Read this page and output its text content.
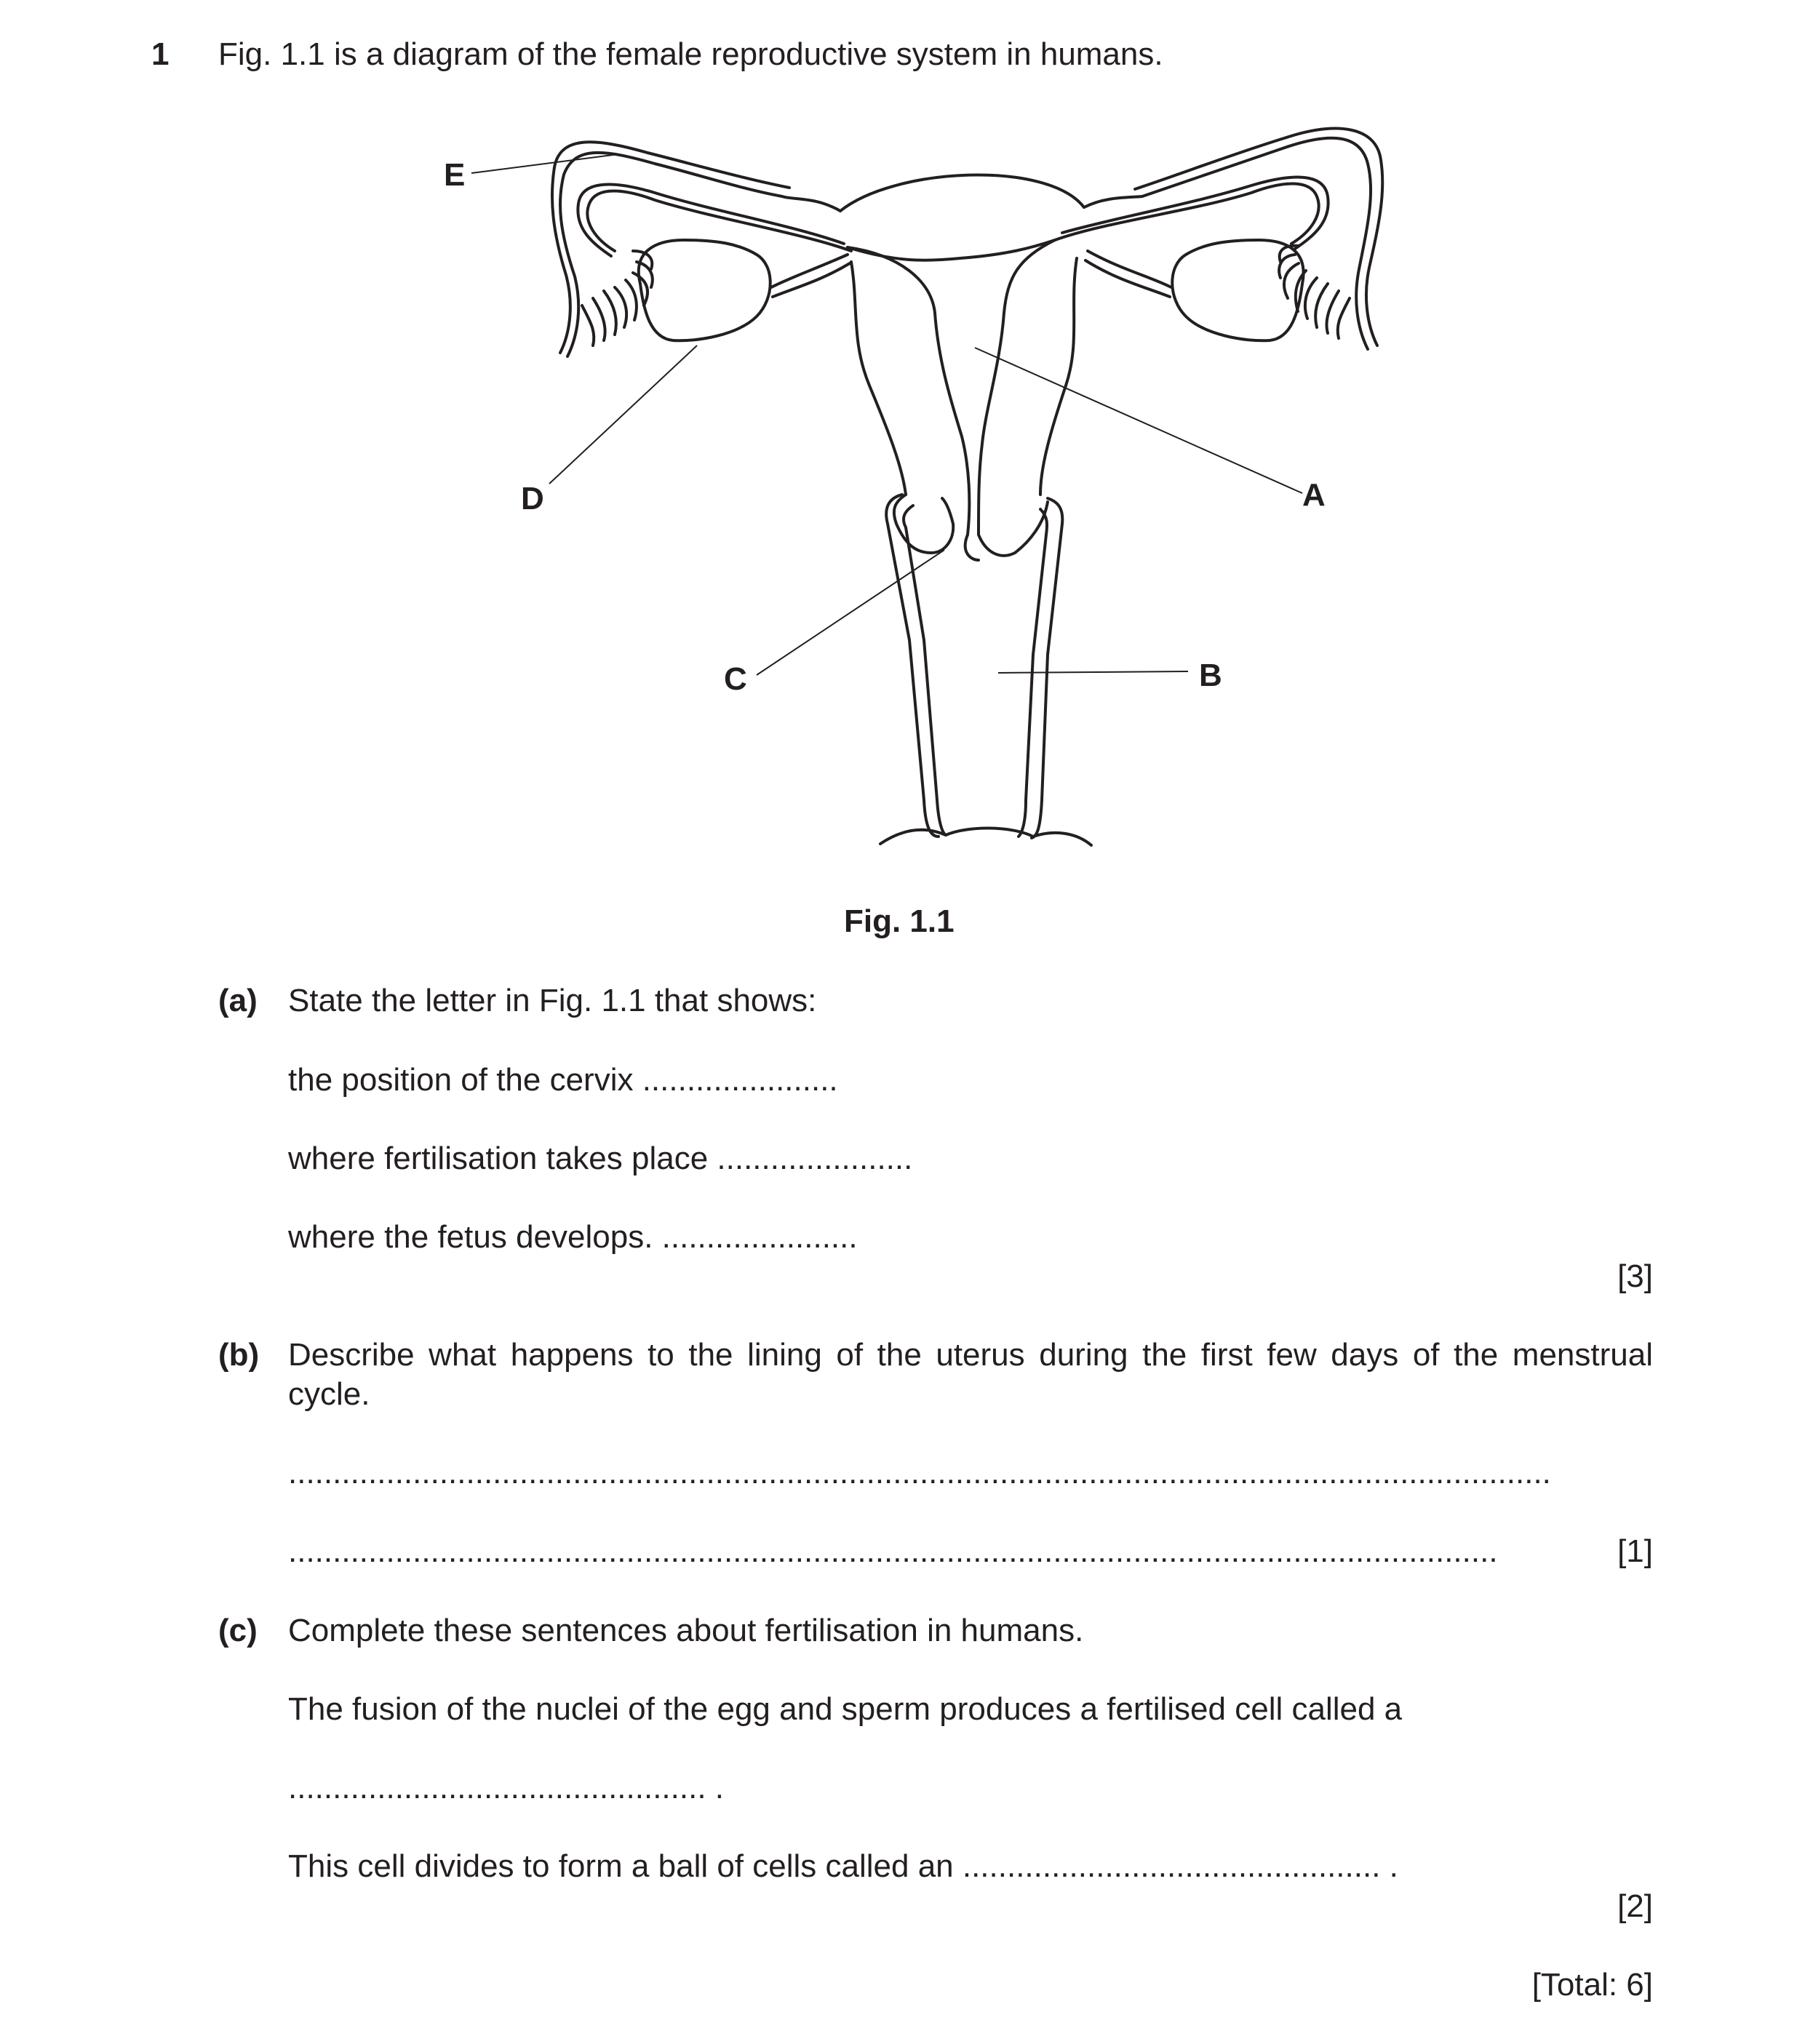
1 Fig. 1.1 is a diagram of the female reproductive system in humans.
E
D	A
C	B
Fig. 1.1
(a) State the letter in Fig. 1.1 that shows:
the position of the cervix ......................
where fertilisation takes place ......................
where the fetus develops. ......................
[3]
(b) Describe what happens to the lining of the uterus during the first few days of the menstrual
cycle.
..............................................................................................................................................
........................................................................................................................................	[1]
(c) Complete these sentences about fertilisation in humans.
The fusion of the nuclei of the egg and sperm produces a fertilised cell called a
............................................... .
This cell divides to form a ball of cells called an ............................................... .
[2]
[Total: 6]
